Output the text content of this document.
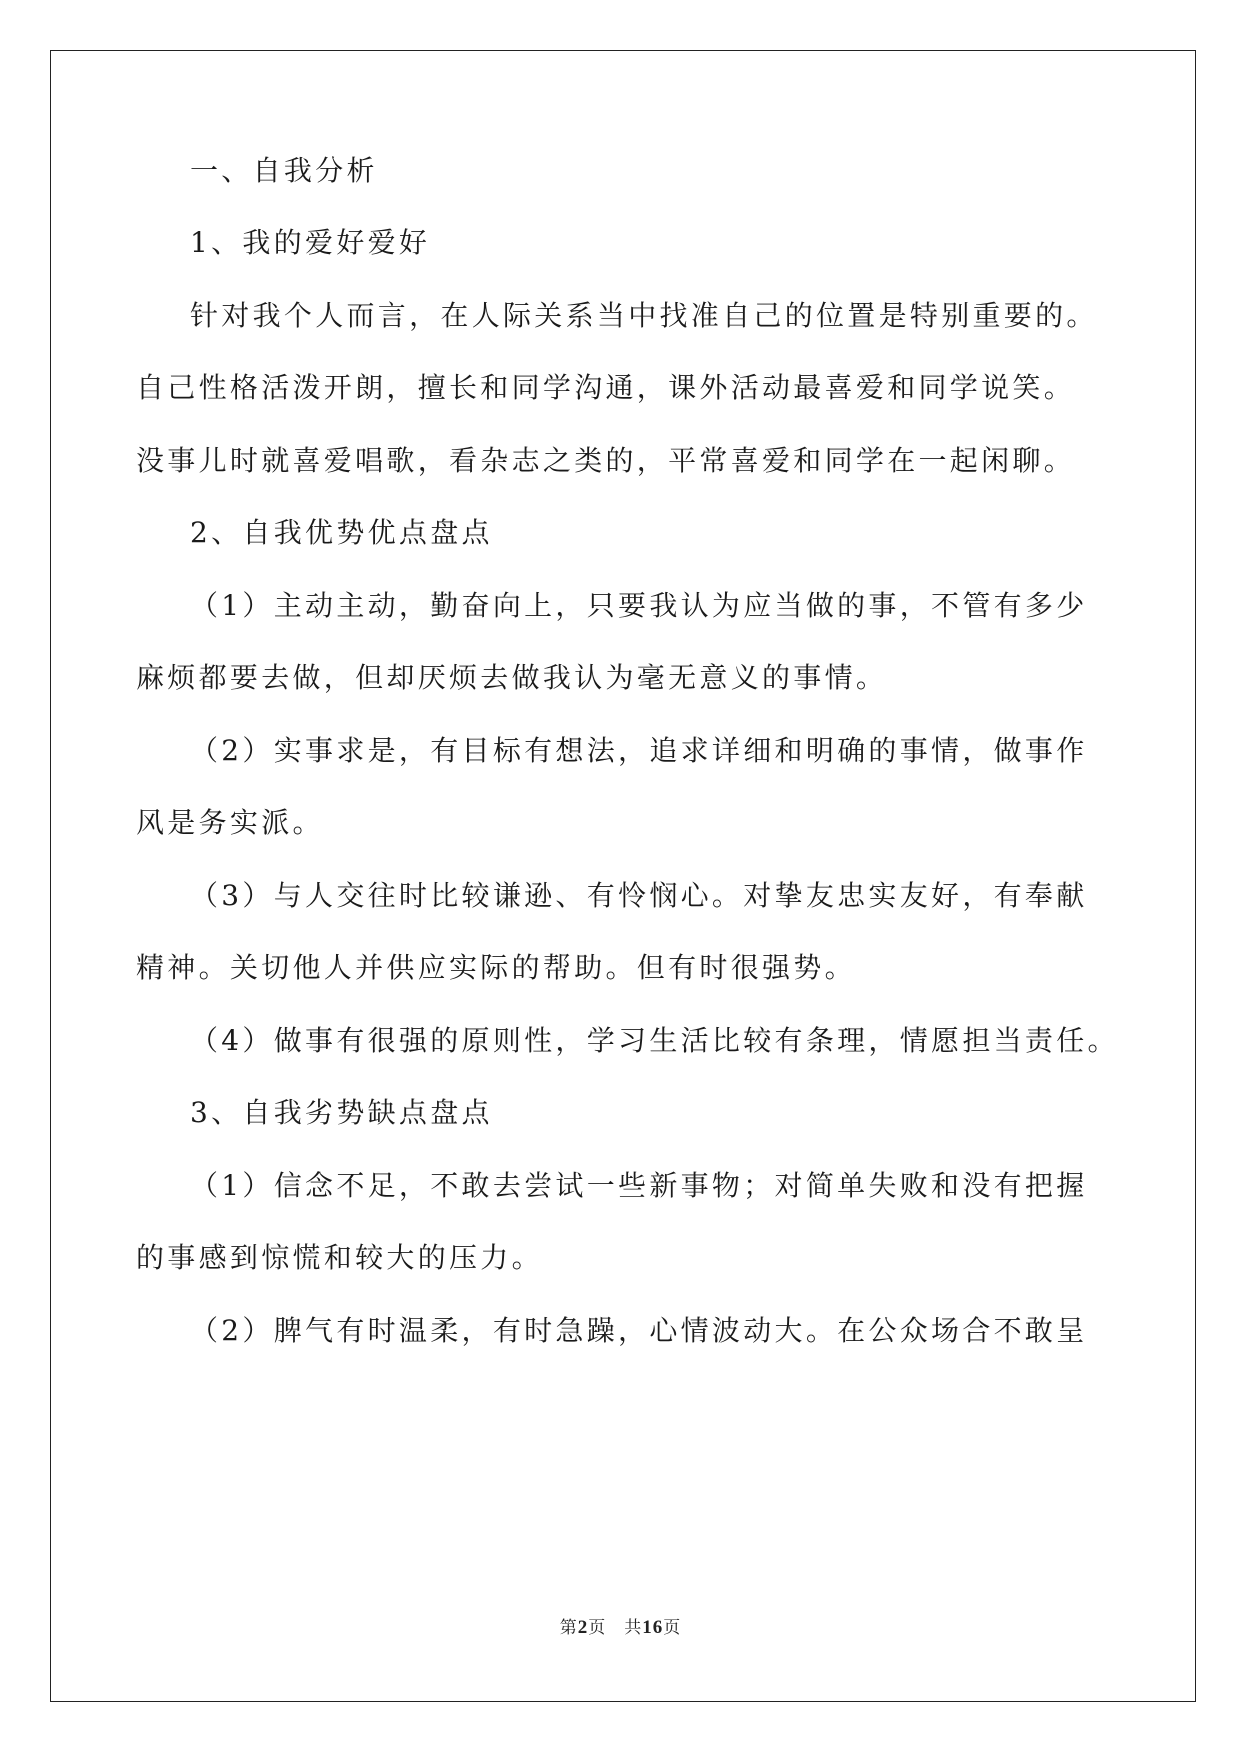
一、自我分析
1、我的爱好爱好
针对我个人而言，在人际关系当中找准自己的位置是特别重要的。
自己性格活泼开朗，擅长和同学沟通，课外活动最喜爱和同学说笑。
没事儿时就喜爱唱歌，看杂志之类的，平常喜爱和同学在一起闲聊。
2、自我优势优点盘点
（1）主动主动，勤奋向上，只要我认为应当做的事，不管有多少
麻烦都要去做，但却厌烦去做我认为毫无意义的事情。
（2）实事求是，有目标有想法，追求详细和明确的事情，做事作
风是务实派。
（3）与人交往时比较谦逊、有怜悯心。对挚友忠实友好，有奉献
精神。关切他人并供应实际的帮助。但有时很强势。
（4）做事有很强的原则性，学习生活比较有条理，情愿担当责任。
3、自我劣势缺点盘点
（1）信念不足，不敢去尝试一些新事物；对简单失败和没有把握
的事感到惊慌和较大的压力。
（2）脾气有时温柔，有时急躁，心情波动大。在公众场合不敢呈
第2页 共16页
